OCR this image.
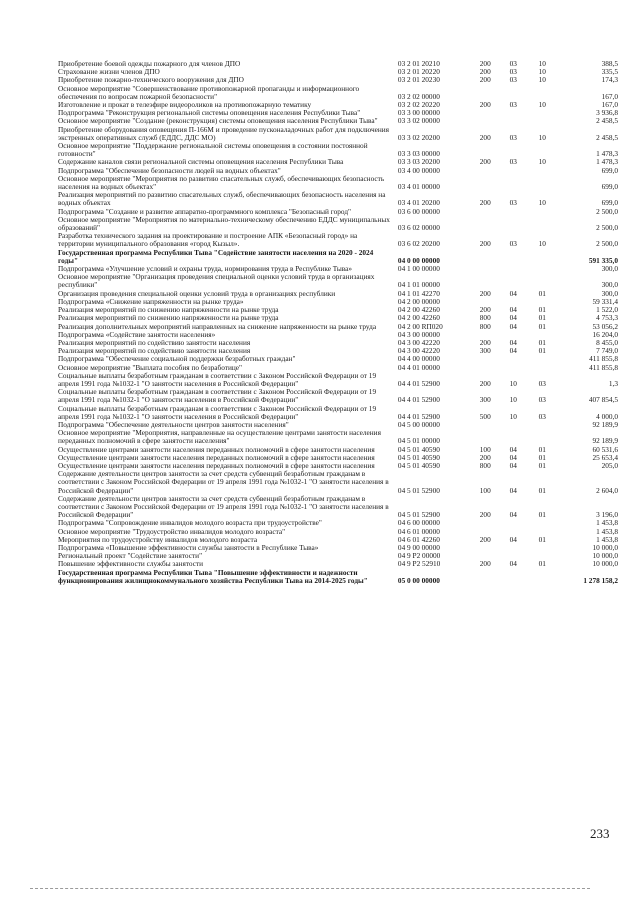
Приобретение боевой одежды пожарного для членов ДПО	03 2 01 20210	200	03	10	388,5
Страхование жизни членов ДПО	03 2 01 20220	200	03	10	335,5
Приобретение пожарно-технического вооружения для ДПО	03 2 01 20230	200	03	10	174,3
Основное мероприятие "Совершенствование противопожарной пропаганды и информационного обеспечения по вопросам пожарной безопасности"	03 2 02 00000				167,0
Изготовление и прокат в телеэфире видеороликов на противопожарную тематику	03 2 02 20220	200	03	10	167,0
Подпрограмма "Реконструкция региональной системы оповещения населения Республики Тыва"	03 3 00 00000				3 936,8
Основное мероприятие "Создание (реконструкция) системы оповещения населения Республики Тыва"	03 3 02 00000				2 458,5
Приобретение оборудования оповещения П-166М и проведение пусконаладочных работ для подключения экстренных оперативных служб (ЕДДС, ДДС МО)	03 3 02 20200	200	03	10	2 458,5
Основное мероприятие "Поддержание региональной системы оповещения в состоянии постоянной готовности"	03 3 03 00000				1 478,3
Содержание каналов связи региональной системы оповещения населения Республики Тыва	03 3 03 20200	200	03	10	1 478,3
Подпрограмма "Обеспечение безопасности людей на водных объектах"	03 4 00 00000				699,0
Основное мероприятие "Мероприятия по развитию спасательных служб, обеспечивающих безопасность населения на водных объектах"	03 4 01 00000				699,0
Реализация мероприятий по развитию спасательных служб, обеспечивающих безопасность населения на водных объектах	03 4 01 20200	200	03	10	699,0
Подпрограмма "Создание и развитие аппаратно-программного комплекса "Безопасный город"	03 6 00 00000				2 500,0
Основное мероприятие "Мероприятия по материально-техническому обеспечению ЕДДС муниципальных образований"	03 6 02 00000				2 500,0
Разработка технического задания на проектирование и построение АПК «Безопасный город» на территории муниципального образования «город Кызыл».	03 6 02 20200	200	03	10	2 500,0
Государственная программа Республики Тыва "Содействие занятости населения на 2020 - 2024 годы"	04 0 00 00000				591 335,0
Подпрограмма «Улучшение условий и охраны труда, нормирования труда в Республике Тыва»	04 1 00 00000				300,0
Основное мероприятие "Организация проведения специальной оценки условий труда в организациях республики"	04 1 01 00000				300,0
Организация проведения специальной оценки условий труда в организациях республики	04 1 01 42270	200	04	01	300,0
Подпрограмма «Снижение напряженности на рынке труда»	04 2 00 00000				59 331,4
Реализация мероприятий по снижению напряженности на рынке труда	04 2 00 42260	200	04	01	1 522,0
Реализация мероприятий по снижению напряженности на рынке труда	04 2 00 42260	800	04	01	4 753,3
Реализация дополнительных мероприятий направленных на снижение напряженности на рынке труда	04 2 00 RП020	800	04	01	53 056,2
Подпрограмма «Содействие занятости населения»	04 3 00 00000				16 204,0
Реализация мероприятий по содействию занятости населения	04 3 00 42220	200	04	01	8 455,0
Реализация мероприятий по содействию занятости населения	04 3 00 42220	300	04	01	7 749,0
Подпрограмма "Обеспечение социальной поддержки безработных граждан"	04 4 00 00000				411 855,8
Основное мероприятие "Выплата пособия по безработице"	04 4 01 00000				411 855,8
Социальные выплаты безработным гражданам в соответствии с Законом Российской Федерации от 19 апреля 1991 года №1032-1 "О занятости населения в Российской Федерации"	04 4 01 52900	200	10	03	1,3
Социальные выплаты безработным гражданам в соответствии с Законом Российской Федерации от 19 апреля 1991 года №1032-1 "О занятости населения в Российской Федерации"	04 4 01 52900	300	10	03	407 854,5
Социальные выплаты безработным гражданам в соответствии с Законом Российской Федерации от 19 апреля 1991 года №1032-1 "О занятости населения в Российской Федерации"	04 4 01 52900	500	10	03	4 000,0
Подпрограмма "Обеспечение деятельности центров занятости населения"	04 5 00 00000				92 189,9
Основное мероприятие "Мероприятия, направленные на осуществление центрами занятости населения переданных полномочий в сфере занятости населения"	04 5 01 00000				92 189,9
Осуществление центрами занятости населения переданных полномочий в сфере занятости населения	04 5 01 40590	100	04	01	60 531,6
Осуществление центрами занятости населения переданных полномочий в сфере занятости населения	04 5 01 40590	200	04	01	25 653,4
Осуществление центрами занятости населения переданных полномочий в сфере занятости населения	04 5 01 40590	800	04	01	205,0
Содержание деятельности центров занятости за счет средств субвенций безработным гражданам в соответствии с Законом Российской Федерации от 19 апреля 1991 года №1032-1 "О занятости населения в Российской Федерации"	04 5 01 52900	100	04	01	2 604,0
Содержание деятельности центров занятости за счет средств субвенций безработным гражданам в соответствии с Законом Российской Федерации от 19 апреля 1991 года №1032-1 "О занятости населения в Российской Федерации"	04 5 01 52900	200	04	01	3 196,0
Подпрограмма "Сопровождение инвалидов молодого возраста при трудоустройстве"	04 6 00 00000				1 453,8
Основное мероприятие "Трудоустройство инвалидов молодого возраста"	04 6 01 00000				1 453,8
Мероприятия по трудоустройству инвалидов молодого возраста	04 6 01 42260	200	04	01	1 453,8
Подпрограмма «Повышение эффективности службы занятости в Республике Тыва»	04 9 00 00000				10 000,0
Региональный проект "Содействие занятости"	04 9 P2 00000				10 000,0
Повышение эффективности службы занятости	04 9 P2 52910	200	04	01	10 000,0
Государственная программа Республики Тыва "Повышение эффективности и надежности функционирования жилищнокоммунального хозяйства Республики Тыва на 2014-2025 годы"	05 0 00 00000				1 278 158,2
233
